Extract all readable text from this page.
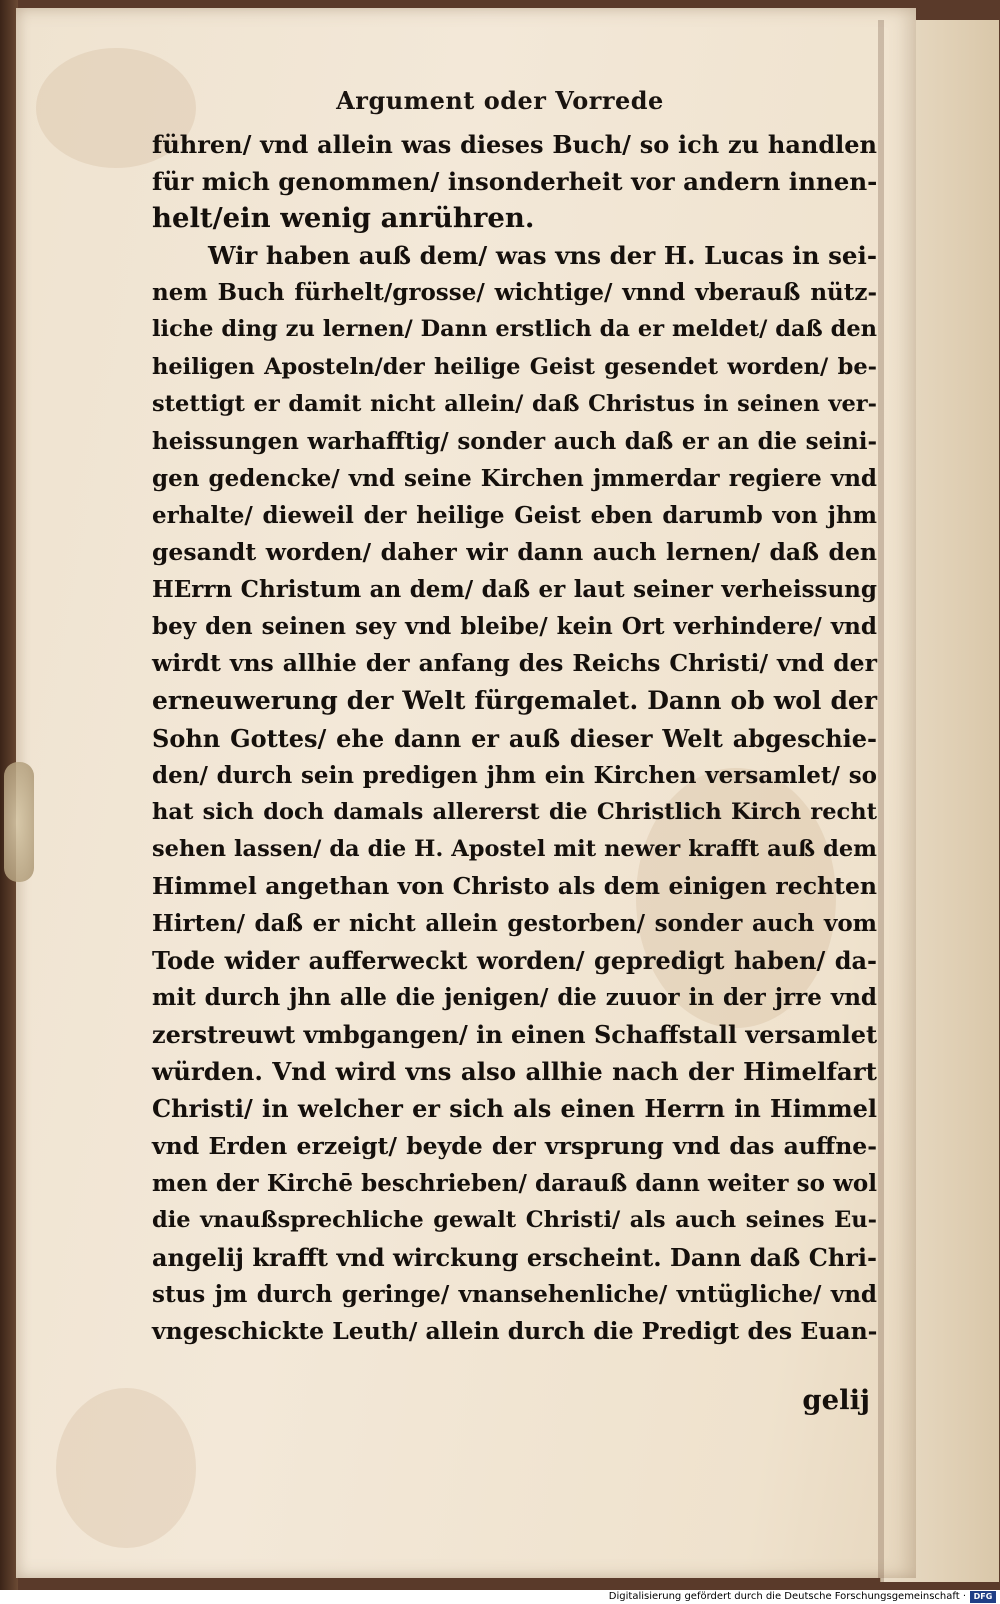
Argument oder Vorrede
führen/ vnd allein was dieses Buch/ so ich zu handlen
für mich genommen/ insonderheit vor andern innen-
helt/ein wenig anrühren.
Wir haben auß dem/ was vns der H. Lucas in sei-
nem Buch fürhelt/grosse/ wichtige/ vnnd vberauß nütz-
liche ding zu lernen/ Dann erstlich da er meldet/ daß den
heiligen Aposteln/der heilige Geist gesendet worden/ be-
stettigt er damit nicht allein/ daß Christus in seinen ver-
heissungen warhafftig/ sonder auch daß er an die seini-
gen gedencke/ vnd seine Kirchen jmmerdar regiere vnd
erhalte/ dieweil der heilige Geist eben darumb von jhm
gesandt worden/ daher wir dann auch lernen/ daß den
HErrn Christum an dem/ daß er laut seiner verheissung
bey den seinen sey vnd bleibe/ kein Ort verhindere/ vnd
wirdt vns allhie der anfang des Reichs Christi/ vnd der
erneuwerung der Welt fürgemalet. Dann ob wol der
Sohn Gottes/ ehe dann er auß dieser Welt abgeschie-
den/ durch sein predigen jhm ein Kirchen versamlet/ so
hat sich doch damals allererst die Christlich Kirch recht
sehen lassen/ da die H. Apostel mit newer krafft auß dem
Himmel angethan von Christo als dem einigen rechten
Hirten/ daß er nicht allein gestorben/ sonder auch vom
Tode wider aufferweckt worden/ gepredigt haben/ da-
mit durch jhn alle die jenigen/ die zuuor in der jrre vnd
zerstreuwt vmbgangen/ in einen Schaffstall versamlet
würden. Vnd wird vns also allhie nach der Himelfart
Christi/ in welcher er sich als einen Herrn in Himmel
vnd Erden erzeigt/ beyde der vrsprung vnd das auffne-
men der Kirchē beschrieben/ darauß dann weiter so wol
die vnaußsprechliche gewalt Christi/ als auch seines Eu-
angelij krafft vnd wirckung erscheint. Dann daß Chri-
stus jm durch geringe/ vnansehenliche/ vntügliche/ vnd
vngeschickte Leuth/ allein durch die Predigt des Euan-
gelij
Digitalisierung gefördert durch die Deutsche Forschungsgemeinschaft · DFG
